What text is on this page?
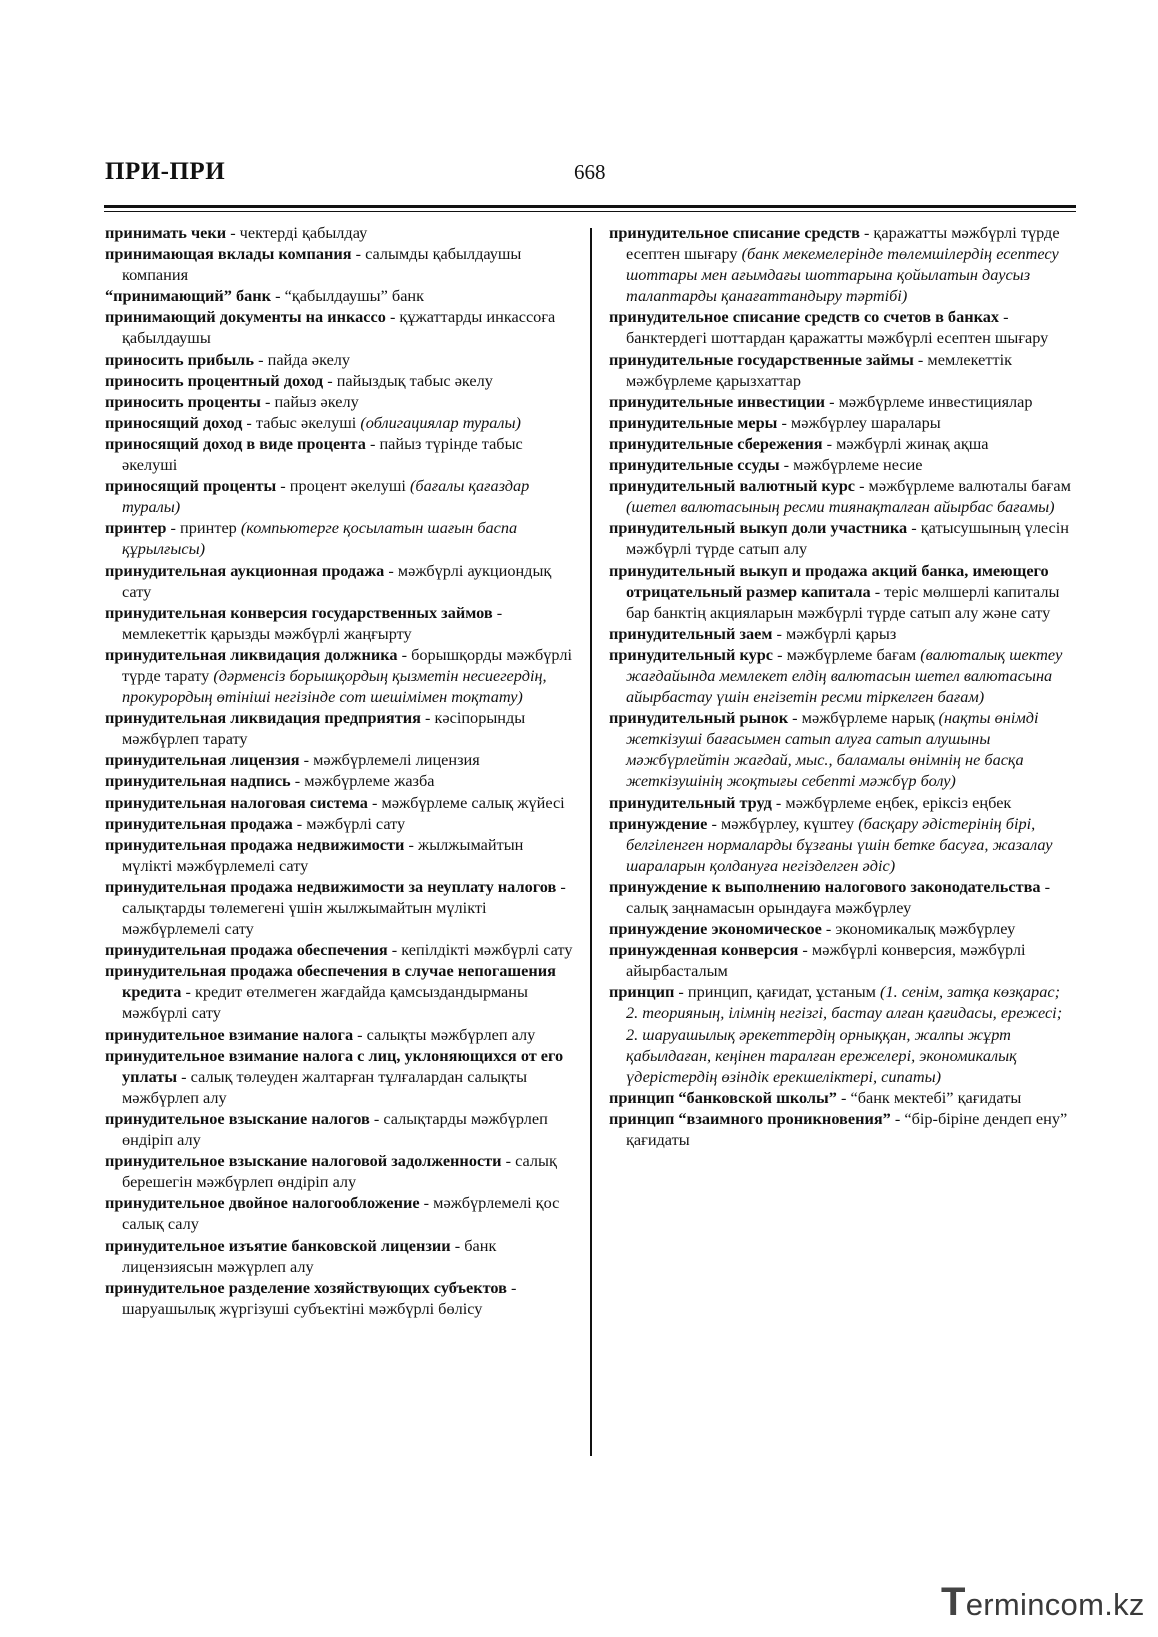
ПРИ-ПРИ	668

принимать чеки - чектерді қабылдау

принимающая вклады компания - салымды қабылдаушы компания

“принимающий” банк - “қабылдаушы” банк

принимающий документы на инкассо - құжаттарды инкассоға қабылдаушы

приносить прибыль - пайда әкелу

приносить процентный доход - пайыздық табыс әкелу

приносить проценты - пайыз әкелу

приносящий доход - табыс әкелуші (облигациялар туралы)

приносящий доход в виде процента - пайыз түрінде табыс әкелуші

приносящий проценты - процент әкелуші (бағалы қағаздар туралы)

принтер - принтер (компьютерге қосылатын шағын баспа құрылғысы)

принудительная аукционная продажа - мәжбүрлі аукциондық сату

принудительная конверсия государственных займов - мемлекеттік қарызды мәжбүрлі жаңғырту

принудительная ликвидация должника - борышқорды мәжбүрлі түрде тарату (дәрменсіз борышқордың қызметін несиегердің, прокурордың өтініші негізінде сот шешімімен тоқтату)

принудительная ликвидация предприятия - кәсіпорынды мәжбүрлеп тарату

принудительная лицензия - мәжбүрлемелі лицензия

принудительная надпись - мәжбүрлеме жазба

принудительная налоговая система - мәжбүрлеме салық жүйесі

принудительная продажа - мәжбүрлі сату

принудительная продажа недвижимости - жылжымайтын мүлікті мәжбүрлемелі сату

принудительная продажа недвижимости за неуплату налогов - салықтарды төлемегені үшін жылжымайтын мүлікті мәжбүрлемелі сату

принудительная продажа обеспечения - кепілдікті мәжбүрлі сату

принудительная продажа обеспечения в случае непогашения кредита - кредит өтелмеген жағдайда қамсыздандырманы мәжбүрлі сату

принудительное взимание налога - салықты мәжбүрлеп алу

принудительное взимание налога с лиц, уклоняющихся от его уплаты - салық төлеуден жалтарған тұлғалардан салықты мәжбүрлеп алу

принудительное взыскание налогов - салықтарды мәжбүрлеп өндіріп алу

принудительное взыскание налоговой задолженности - салық берешегін мәжбүрлеп өндіріп алу

принудительное двойное налогообложение - мәжбүрлемелі қос салық салу

принудительное изъятие банковской лицензии - банк лицензиясын мәжүрлеп алу

принудительное разделение хозяйствующих субъектов - шаруашылық жүргізуші субъектіні мәжбүрлі бөлісу

принудительное списание средств - қаражатты мәжбүрлі түрде есептен шығару (банк мекемелерінде төлемшілердің есептесу шоттары мен ағымдағы шоттарына қойылатын даусыз талаптарды қанағаттандыру тәртібі)

принудительное списание средств со счетов в банках - банктердегі шоттардан қаражатты мәжбүрлі есептен шығару

принудительные государственные займы - мемлекеттік мәжбүрлеме қарызхаттар

принудительные инвестиции - мәжбүрлеме инвестициялар

принудительные меры - мәжбүрлеу шаралары

принудительные сбережения - мәжбүрлі жинақ ақша

принудительные ссуды - мәжбүрлеме несие

принудительный валютный курс - мәжбүрлеме валюталы бағам (шетел валютасының ресми тиянақталған айырбас бағамы)

принудительный выкуп доли участника - қатысушының үлесін мәжбүрлі түрде сатып алу

принудительный выкуп и продажа акций банка, имеющего отрицательный размер капитала - теріс мөлшерлі капиталы бар банктің акцияларын мәжбүрлі түрде сатып алу және сату

принудительный заем - мәжбүрлі қарыз

принудительный курс - мәжбүрлеме бағам (валюталық шектеу жағдайында мемлекет елдің валютасын шетел валютасына айырбастау үшін енгізетін ресми тіркелген бағам)

принудительный рынок - мәжбүрлеме нарық (нақты өнімді жеткізуші бағасымен сатып алуға сатып алушыны мәжбүрлейтін жағдай, мыс., баламалы өнімнің не басқа жеткізушінің жоқтығы себепті мәжбүр болу)

принудительный труд - мәжбүрлеме еңбек, еріксіз еңбек

принуждение - мәжбүрлеу, күштеу (басқару әдістерінің бірі, белгіленген нормаларды бұзғаны үшін бетке басуға, жазалау шараларын қолдануға негізделген әдіс)

принуждение к выполнению налогового законодательства - салық заңнамасын орындауға мәжбүрлеу

принуждение экономическое - экономикалық мәжбүрлеу

принужденная конверсия - мәжбүрлі конверсия, мәжбүрлі айырбасталым

принцип - принцип, қағидат, ұстаным (1. сенім, затқа көзқарас; 2. теорияның, ілімнің негізгі, бастау алған қағидасы, ережесі; 2. шаруашылық әрекеттердің орныққан, жалпы жұрт қабылдаған, кеңінен таралған ережелері, экономикалық үдерістердің өзіндік ерекшеліктері, сипаты)

принцип “банковской школы” - “банк мектебі” қағидаты

принцип “взаимного проникновения” - “бір-біріне дендеп ену” қағидаты

Termincom.kz
